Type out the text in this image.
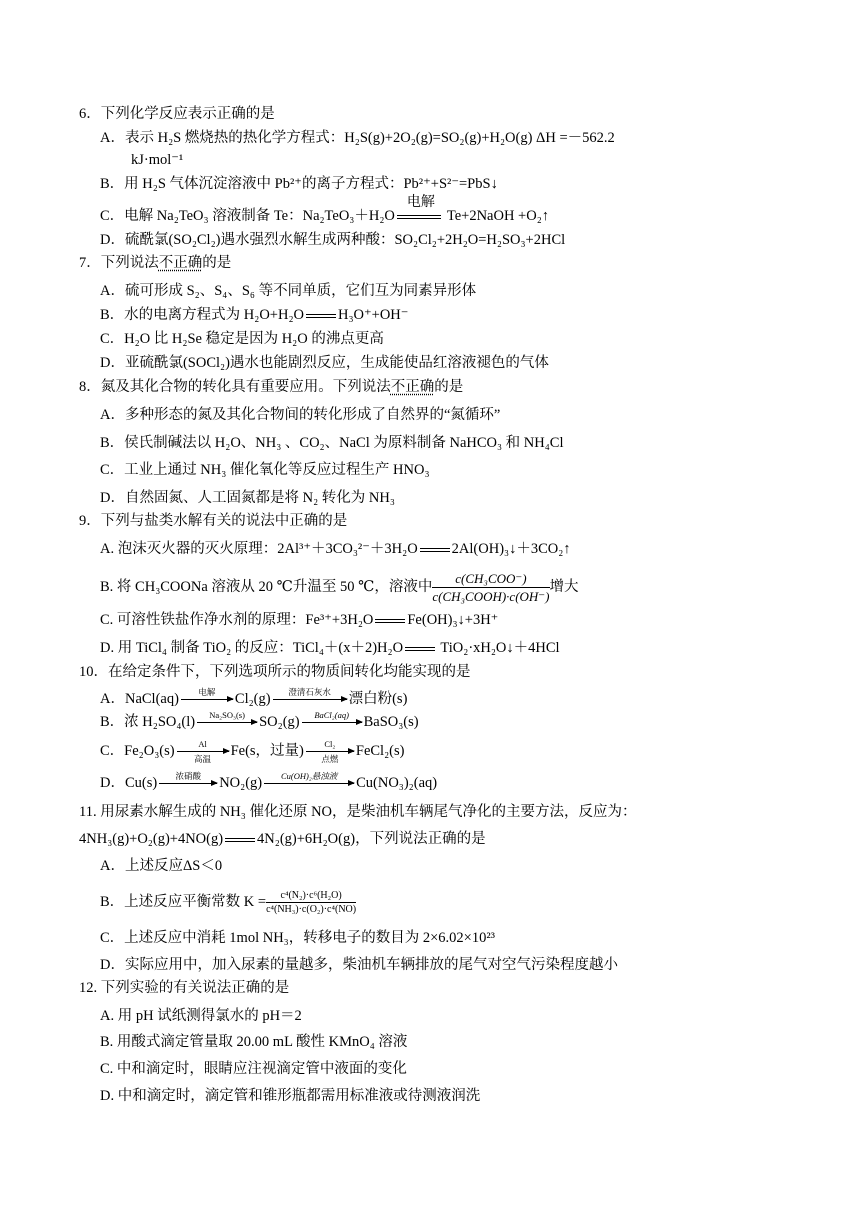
6．下列化学反应表示正确的是
A．表示 H₂S 燃烧热的热化学方程式：H₂S(g)+2O₂(g)=SO₂(g)+H₂O(g) ΔH =－562.2
kJ·mol⁻¹
B．用 H₂S 气体沉淀溶液中 Pb²⁺的离子方程式：Pb²⁺+S²⁻=PbS↓
C．电解 Na₂TeO₃ 溶液制备 Te：Na₂TeO₃＋H₂O
电解
Te+2NaOH +O₂↑
D．硫酰氯(SO₂Cl₂)遇水强烈水解生成两种酸：SO₂Cl₂+2H₂O=H₂SO₃+2HCl
7．下列说法不正确的是
A．硫可形成 S₂、S₄、S₆ 等不同单质，它们互为同素异形体
B．水的电离方程式为 H₂O+H₂O H₃O⁺+OH⁻
C．H₂O 比 H₂Se 稳定是因为 H₂O 的沸点更高
D．亚硫酰氯(SOCl₂)遇水也能剧烈反应，生成能使品红溶液褪色的气体
8．氮及其化合物的转化具有重要应用。下列说法不正确的是
A．多种形态的氮及其化合物间的转化形成了自然界的“氮循环”
B．侯氏制碱法以 H₂O、NH₃ 、CO₂、NaCl 为原料制备 NaHCO₃ 和 NH₄Cl
C．工业上通过 NH₃ 催化氧化等反应过程生产 HNO₃
D．自然固氮、人工固氮都是将 N₂ 转化为 NH₃
9．下列与盐类水解有关的说法中正确的是
A. 泡沫灭火器的灭火原理：2Al³⁺＋3CO₃²⁻＋3H₂O 2Al(OH)₃↓＋3CO₂↑
B. 将 CH₃COONa 溶液从 20 ℃升温至 50 ℃，溶液中 $\frac{\text{c(CH₃COO⁻)}}{\text{c(CH₃COOH)·c(OH⁻)}}$ 增大
C. 可溶性铁盐作净水剂的原理：Fe³⁺+3H₂O Fe(OH)₃↓+3H⁺
D. 用 TiCl₄ 制备 TiO₂ 的反应：TiCl₄＋(x＋2)H₂O TiO₂·xH₂O↓＋4HCl
10．在给定条件下，下列选项所示的物质间转化均能实现的是
A．NaCl(aq)	电解	Cl₂(g)	澄清石灰水	漂白粉(s)
B．浓 H₂SO₄(l)	Na₂SO₃(s) SO₂(g)	BaCl₂(aq)	BaSO₃(s)
C．Fe₂O₃(s)	Al
高温
Fe(s，过量)	Cl₂
点燃
FeCl₂(s)
D．Cu(s)	浓硝酸	NO₂(g)	Cu(OH)₂悬浊液	Cu(NO₃)₂(aq)
11. 用尿素水解生成的 NH₃ 催化还原 NO，是柴油机车辆尾气净化的主要方法，反应为：
4NH₃(g)+O₂(g)+4NO(g) 4N₂(g)+6H₂O(g)，下列说法正确的是
A．上述反应ΔS＜0
B．上述反应平衡常数 $K = \frac{\text{c⁴(N₂)·c⁶(H₂O)}}{\text{c⁴(NH₃)·c(O₂)·c⁴(NO)}}$
C．上述反应中消耗 1mol NH₃，转移电子的数目为 2×6.02×10²³
D．实际应用中，加入尿素的量越多，柴油机车辆排放的尾气对空气污染程度越小
12. 下列实验的有关说法正确的是
A. 用 pH 试纸测得氯水的 pH＝2
B. 用酸式滴定管量取 20.00 mL 酸性 KMnO₄ 溶液
C. 中和滴定时，眼睛应注视滴定管中液面的变化
D. 中和滴定时，滴定管和锥形瓶都需用标准液或待测液润洗
